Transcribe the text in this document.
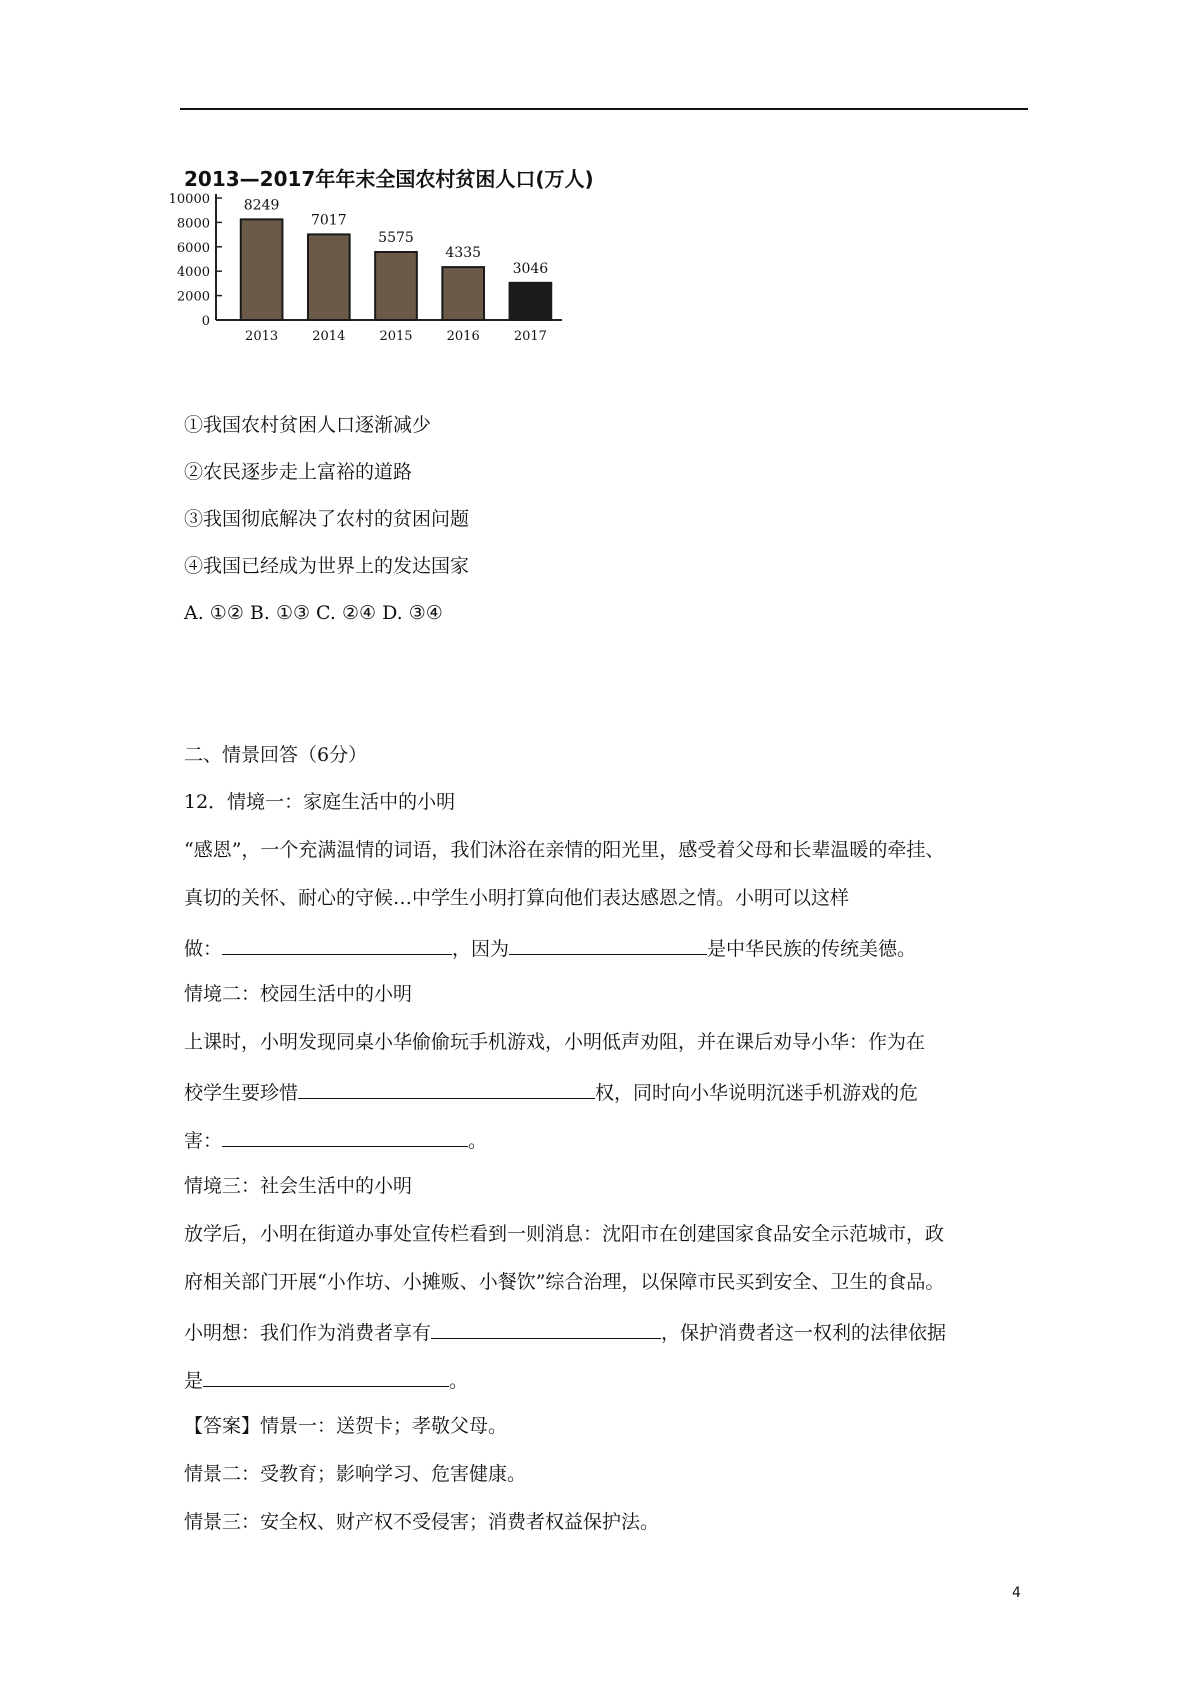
2013—2017年年末全国农村贫困人口(万人)
0
2000
4000
6000
8000
10000 8249
2013
7017
2014
5575
2015
4335
2016
3046
2017
①我国农村贫困人口逐渐减少
②农民逐步走上富裕的道路
③我国彻底解决了农村的贫困问题
④我国已经成为世界上的发达国家
A. ①② B. ①③ C. ②④ D. ③④
二、情景回答（6分）
12．情境一：家庭生活中的小明
“感恩”，一个充满温情的词语，我们沐浴在亲情的阳光里，感受着父母和长辈温暖的牵挂、
真切的关怀、耐心的守候…中学生小明打算向他们表达感恩之情。小明可以这样
做：	，因为	是中华民族的传统美德。
情境二：校园生活中的小明
上课时，小明发现同桌小华偷偷玩手机游戏，小明低声劝阻，并在课后劝导小华：作为在
校学生要珍惜	权，同时向小华说明沉迷手机游戏的危
害：	。
情境三：社会生活中的小明
放学后，小明在街道办事处宣传栏看到一则消息：沈阳市在创建国家食品安全示范城市，政
府相关部门开展“小作坊、小摊贩、小餐饮”综合治理，以保障市民买到安全、卫生的食品。
小明想：我们作为消费者享有	，保护消费者这一权利的法律依据
是	。
【答案】情景一：送贺卡；孝敬父母。
情景二：受教育；影响学习、危害健康。
情景三：安全权、财产权不受侵害；消费者权益保护法。
4
